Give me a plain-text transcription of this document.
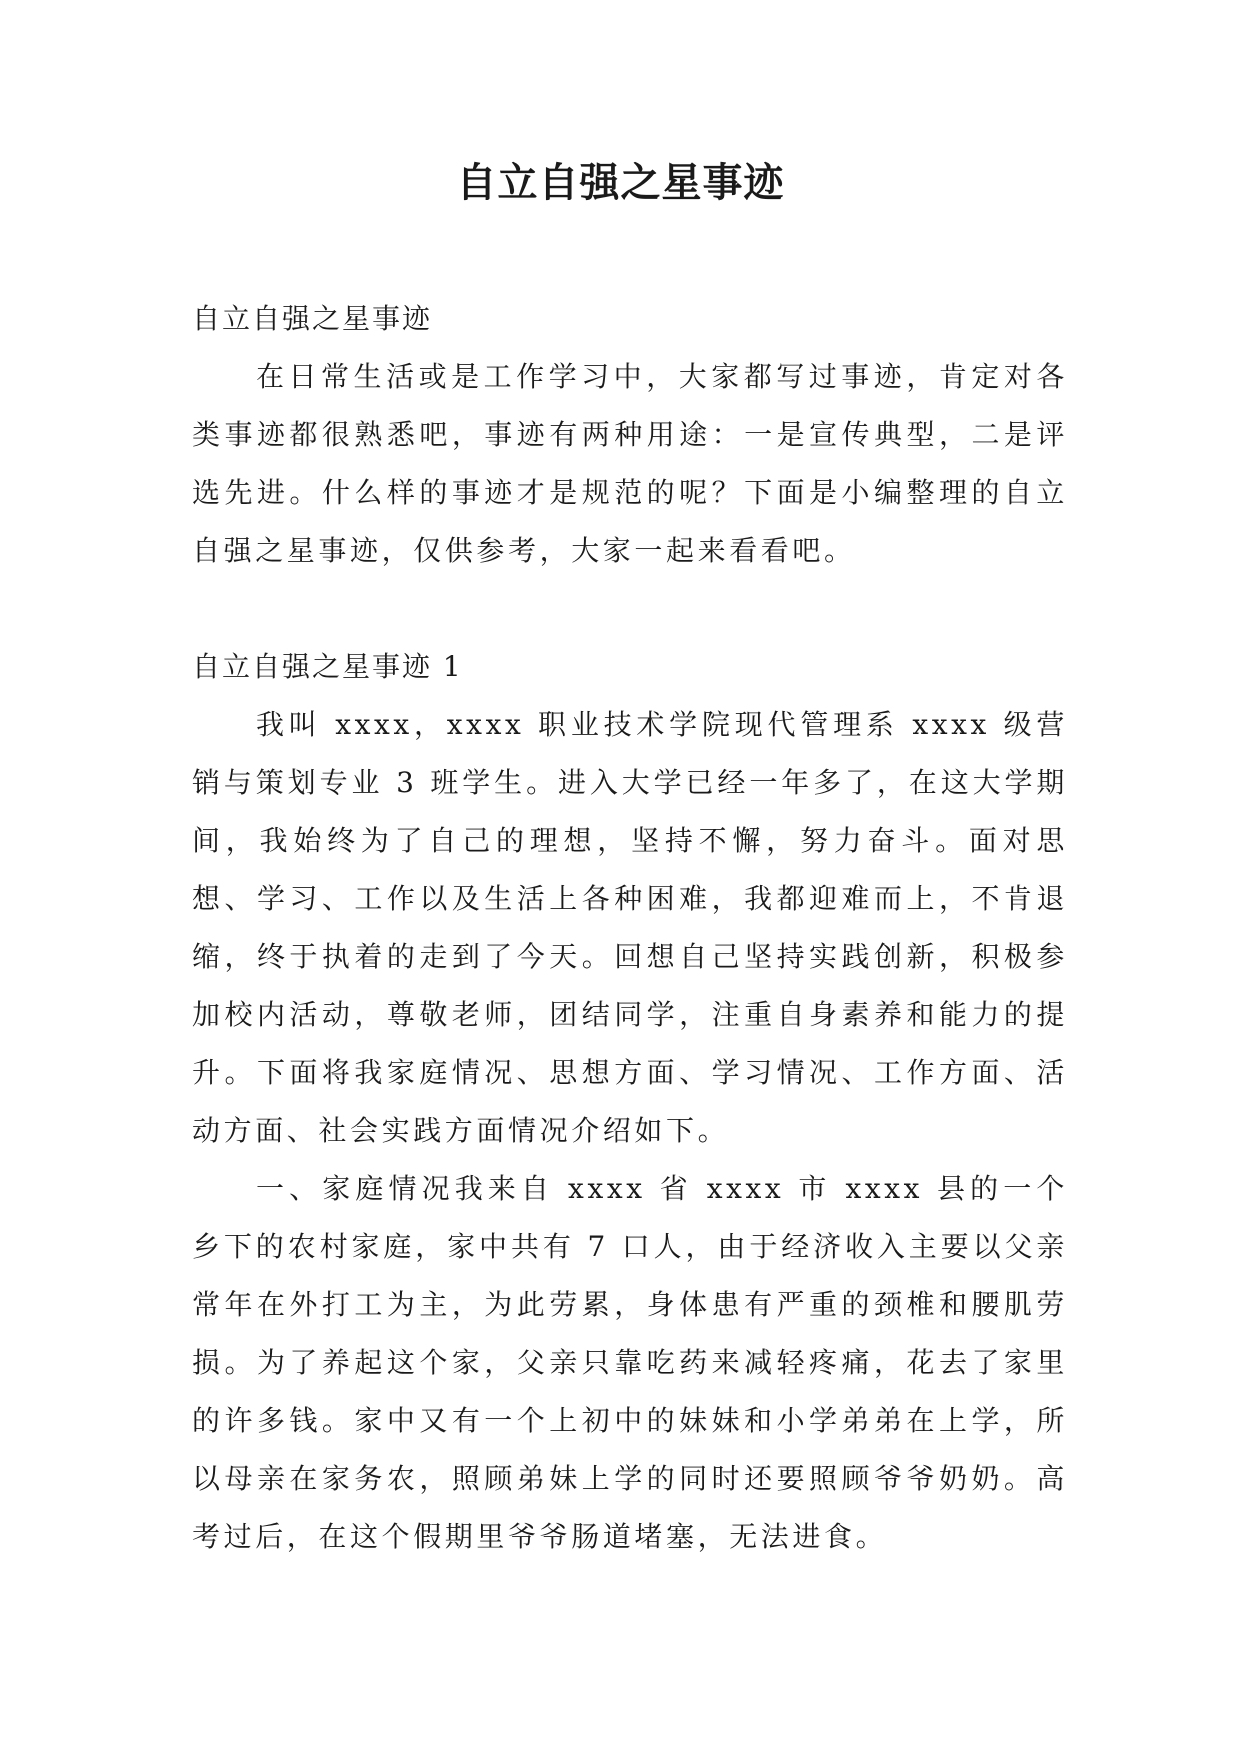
自立自强之星事迹

自立自强之星事迹

在日常生活或是工作学习中，大家都写过事迹，肯定对各类事迹都很熟悉吧，事迹有两种用途：一是宣传典型，二是评选先进。什么样的事迹才是规范的呢？下面是小编整理的自立自强之星事迹，仅供参考，大家一起来看看吧。

自立自强之星事迹 1

我叫 xxxx，xxxx 职业技术学院现代管理系 xxxx 级营销与策划专业 3 班学生。进入大学已经一年多了，在这大学期间，我始终为了自己的理想，坚持不懈，努力奋斗。面对思想、学习、工作以及生活上各种困难，我都迎难而上，不肯退缩，终于执着的走到了今天。回想自己坚持实践创新，积极参加校内活动，尊敬老师，团结同学，注重自身素养和能力的提升。下面将我家庭情况、思想方面、学习情况、工作方面、活动方面、社会实践方面情况介绍如下。

一、家庭情况我来自 xxxx 省 xxxx 市 xxxx 县的一个乡下的农村家庭，家中共有 7 口人，由于经济收入主要以父亲常年在外打工为主，为此劳累，身体患有严重的颈椎和腰肌劳损。为了养起这个家，父亲只靠吃药来减轻疼痛，花去了家里的许多钱。家中又有一个上初中的妹妹和小学弟弟在上学，所以母亲在家务农，照顾弟妹上学的同时还要照顾爷爷奶奶。高考过后，在这个假期里爷爷肠道堵塞，无法进食。
